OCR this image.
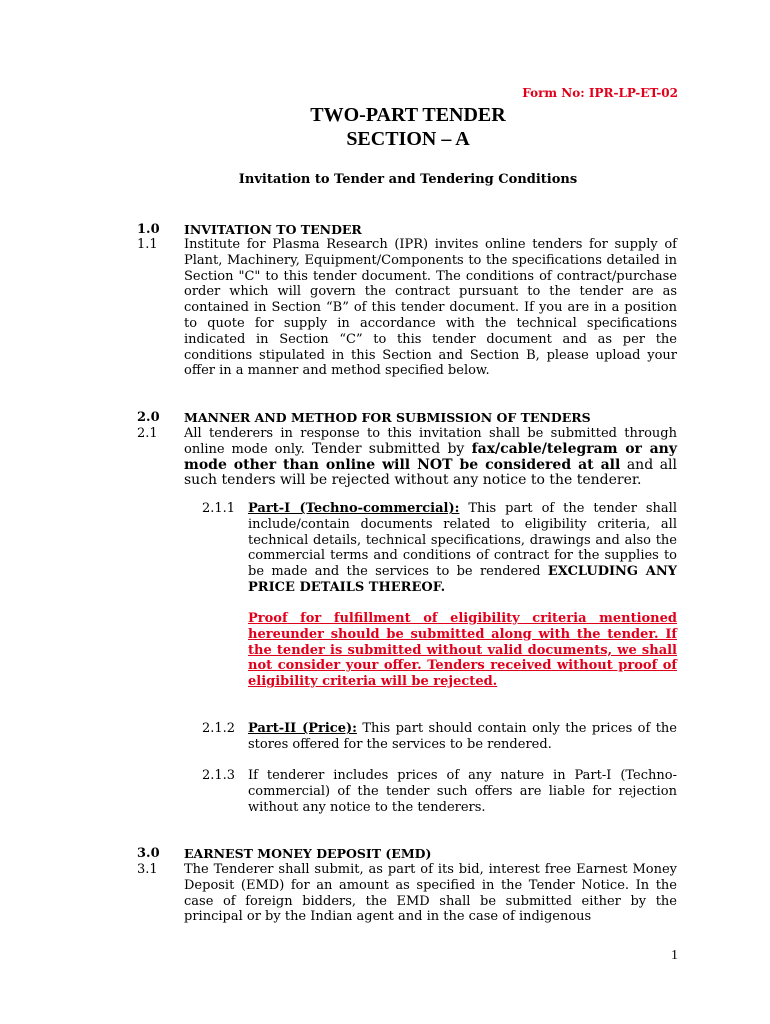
Form No: IPR-LP-ET-02
TWO-PART TENDER
SECTION – A
Invitation to Tender and Tendering Conditions
1.0 INVITATION TO TENDER
1.1 Institute for Plasma Research (IPR) invites online tenders for supply of Plant, Machinery, Equipment/Components to the specifications detailed in Section "C" to this tender document. The conditions of contract/purchase order which will govern the contract pursuant to the tender are as contained in Section “B” of this tender document. If you are in a position to quote for supply in accordance with the technical specifications indicated in Section “C” to this tender document and as per the conditions stipulated in this Section and Section B, please upload your offer in a manner and method specified below.
2.0 MANNER AND METHOD FOR SUBMISSION OF TENDERS
2.1 All tenderers in response to this invitation shall be submitted through online mode only. Tender submitted by fax/cable/telegram or any mode other than online will NOT be considered at all and all such tenders will be rejected without any notice to the tenderer.
2.1.1 Part-I (Techno-commercial): This part of the tender shall include/contain documents related to eligibility criteria, all technical details, technical specifications, drawings and also the commercial terms and conditions of contract for the supplies to be made and the services to be rendered EXCLUDING ANY PRICE DETAILS THEREOF.
Proof for fulfillment of eligibility criteria mentioned hereunder should be submitted along with the tender. If the tender is submitted without valid documents, we shall not consider your offer. Tenders received without proof of eligibility criteria will be rejected.
2.1.2 Part-II (Price): This part should contain only the prices of the stores offered for the services to be rendered.
2.1.3 If tenderer includes prices of any nature in Part-I (Techno-commercial) of the tender such offers are liable for rejection without any notice to the tenderers.
3.0 EARNEST MONEY DEPOSIT (EMD)
3.1 The Tenderer shall submit, as part of its bid, interest free Earnest Money Deposit (EMD) for an amount as specified in the Tender Notice. In the case of foreign bidders, the EMD shall be submitted either by the principal or by the Indian agent and in the case of indigenous
1
